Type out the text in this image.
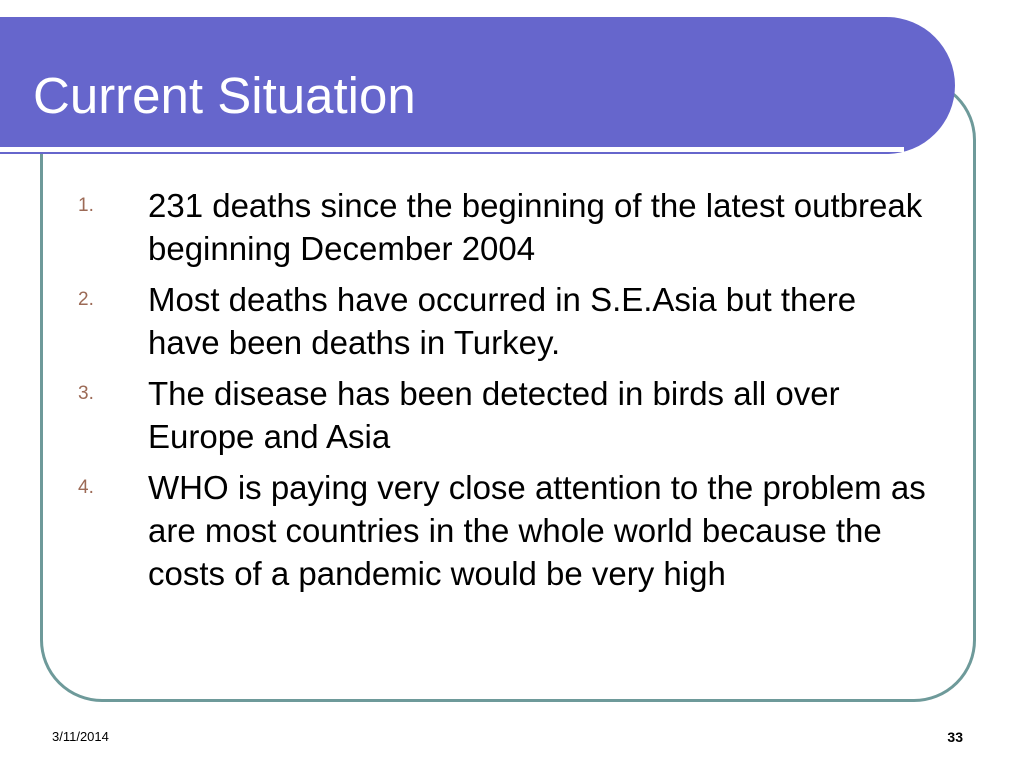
Current Situation
1.	231 deaths since the beginning of the latest outbreak beginning December 2004
2.	Most deaths have occurred in S.E.Asia but there have been deaths in Turkey.
3.	The disease has been detected in birds all over Europe and Asia
4.	WHO is paying very close attention to the problem as are most countries in the whole world because the costs of a pandemic would be very high
3/11/2014	33
